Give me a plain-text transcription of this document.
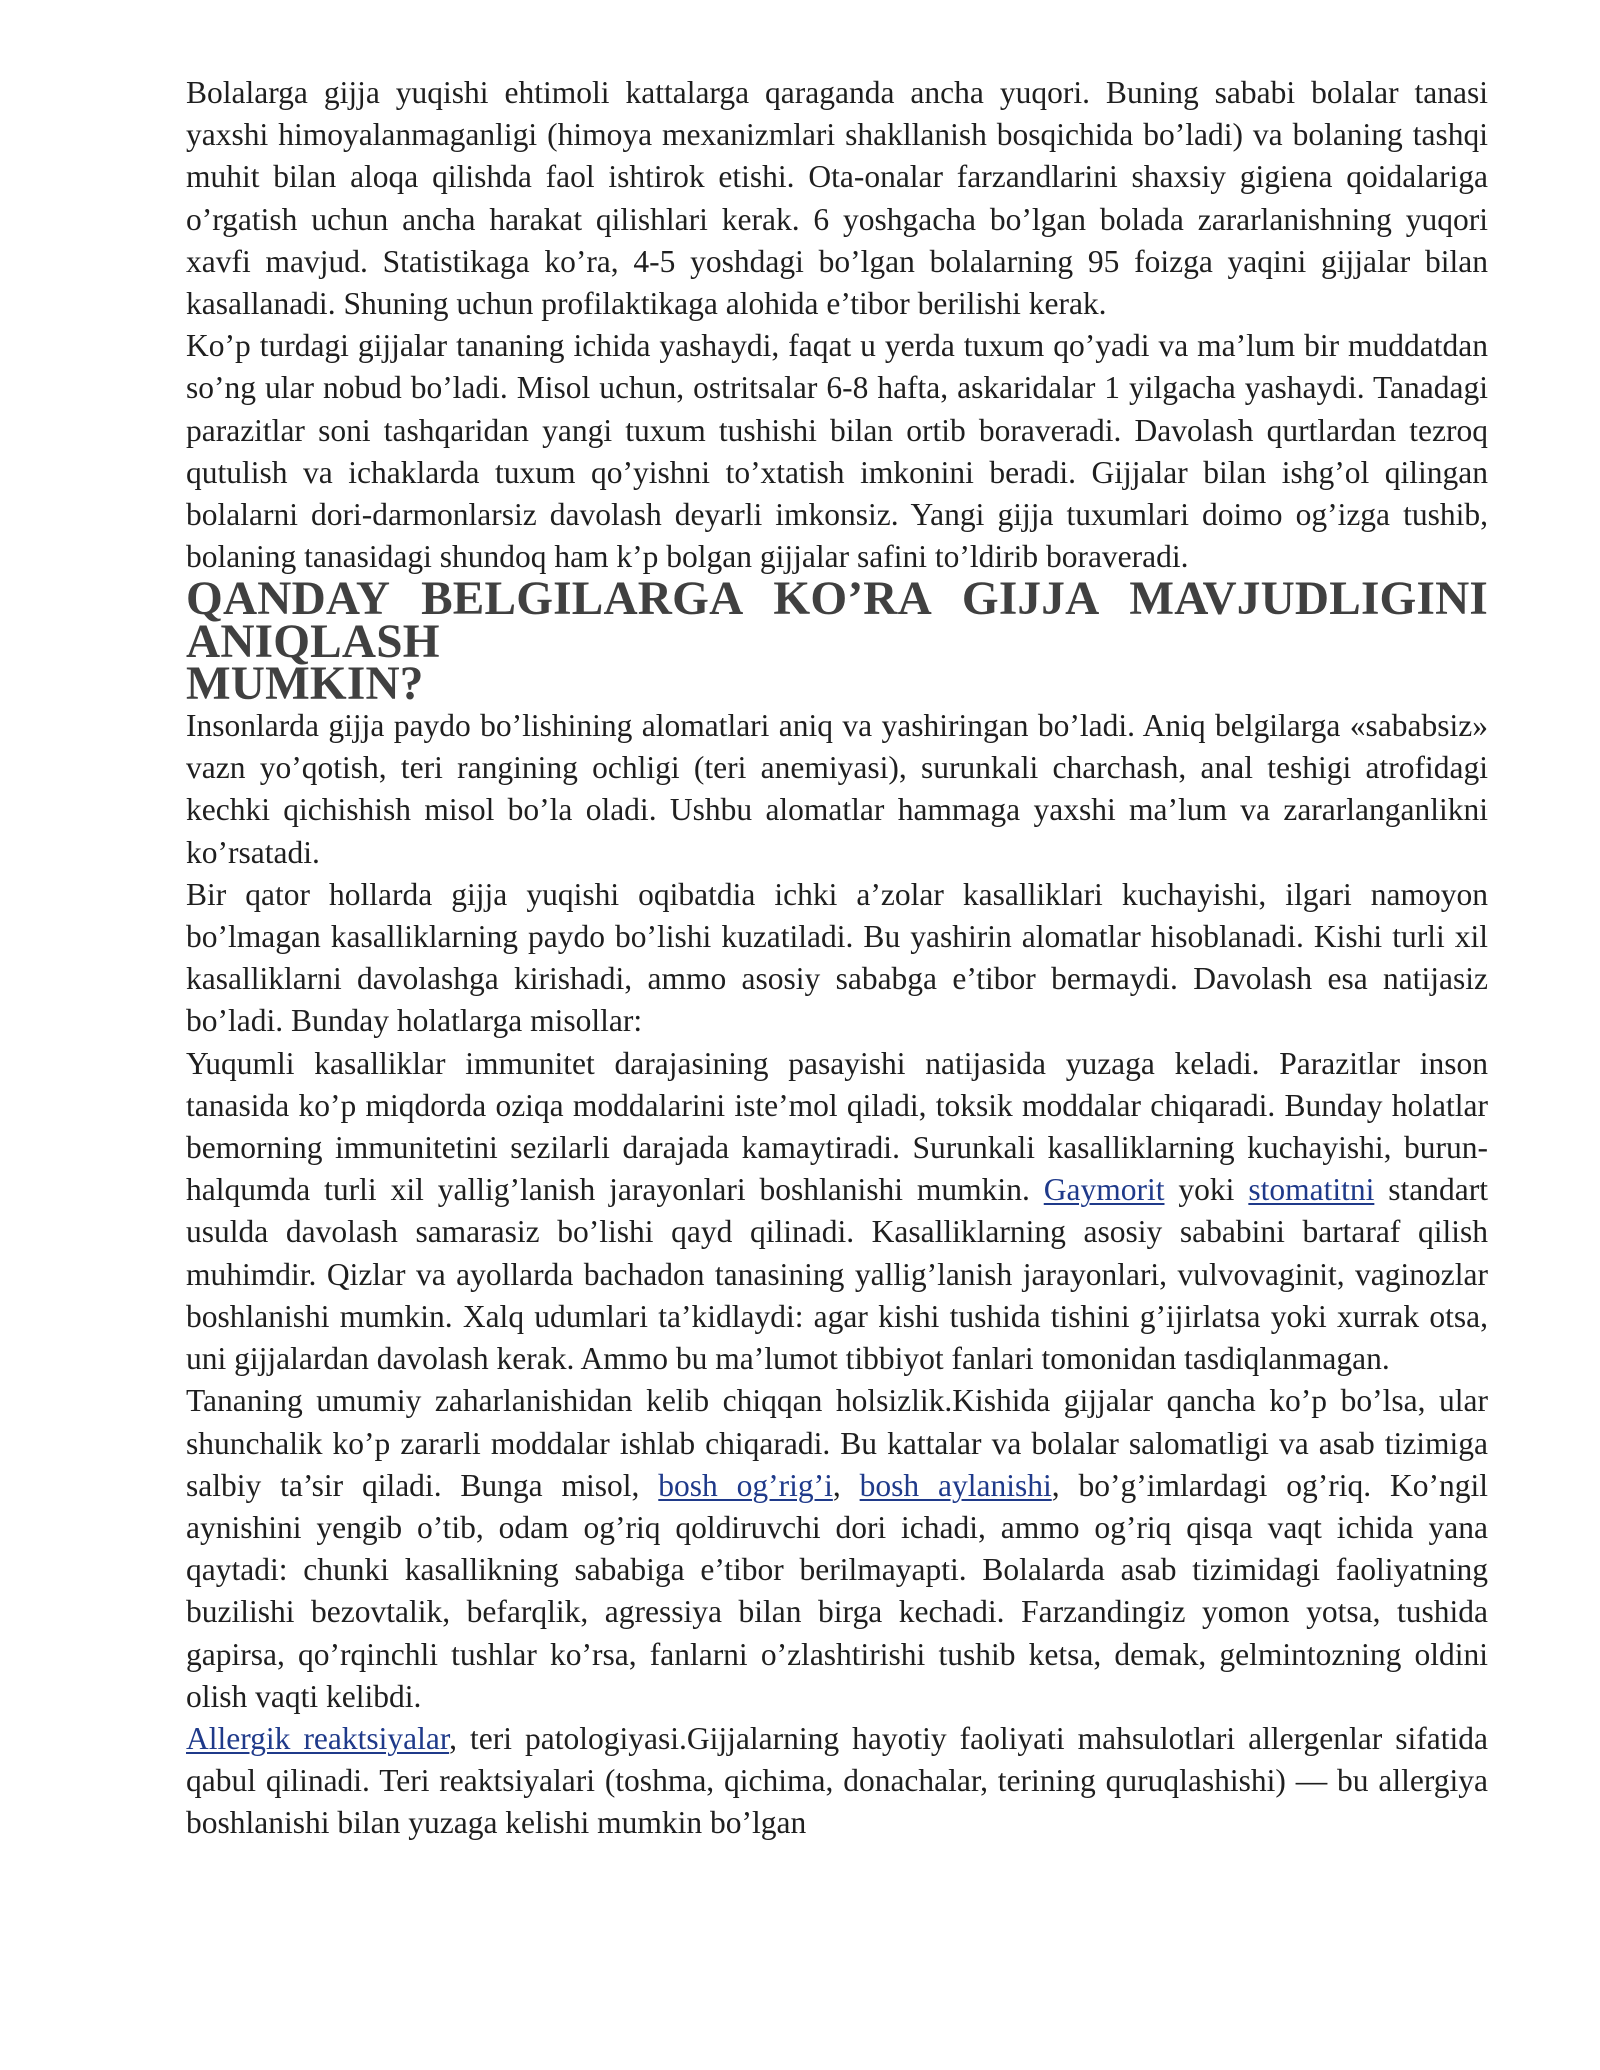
Bolalarga gijja yuqishi ehtimoli kattalarga qaraganda ancha yuqori. Buning sababi bolalar tanasi yaxshi himoyalanmaganligi (himoya mexanizmlari shakllanish bosqichida bo’ladi) va bolaning tashqi muhit bilan aloqa qilishda faol ishtirok etishi. Ota-onalar farzandlarini shaxsiy gigiena qoidalariga o’rgatish uchun ancha harakat qilishlari kerak. 6 yoshgacha bo’lgan bolada zararlanishning yuqori xavfi mavjud. Statistikaga ko’ra, 4-5 yoshdagi bo’lgan bolalarning 95 foizga yaqini gijjalar bilan kasallanadi. Shuning uchun profilaktikaga alohida e’tibor berilishi kerak.

Ko’p turdagi gijjalar tananing ichida yashaydi, faqat u yerda tuxum qo’yadi va ma’lum bir muddatdan so’ng ular nobud bo’ladi. Misol uchun, ostritsalar 6-8 hafta, askaridalar 1 yilgacha yashaydi. Tanadagi parazitlar soni tashqaridan yangi tuxum tushishi bilan ortib boraveradi. Davolash qurtlardan tezroq qutulish va ichaklarda tuxum qo’yishni to’xtatish imkonini beradi. Gijjalar bilan ishg’ol qilingan bolalarni dori-darmonlarsiz davolash deyarli imkonsiz. Yangi gijja tuxumlari doimo og’izga tushib, bolaning tanasidagi shundoq ham k’p bolgan gijjalar safini to’ldirib boraveradi.

QANDAY BELGILARGA KO’RA GIJJA MAVJUDLIGINI ANIQLASH
MUMKIN?

Insonlarda gijja paydo bo’lishining alomatlari aniq va yashiringan bo’ladi. Aniq belgilarga «sababsiz» vazn yo’qotish, teri rangining ochligi (teri anemiyasi), surunkali charchash, anal teshigi atrofidagi kechki qichishish misol bo’la oladi. Ushbu alomatlar hammaga yaxshi ma’lum va zararlanganlikni ko’rsatadi.

Bir qator hollarda gijja yuqishi oqibatdia ichki a’zolar kasalliklari kuchayishi, ilgari namoyon bo’lmagan kasalliklarning paydo bo’lishi kuzatiladi. Bu yashirin alomatlar hisoblanadi. Kishi turli xil kasalliklarni davolashga kirishadi, ammo asosiy sababga e’tibor bermaydi. Davolash esa natijasiz bo’ladi. Bunday holatlarga misollar:

Yuqumli kasalliklar immunitet darajasining pasayishi natijasida yuzaga keladi. Parazitlar inson tanasida ko’p miqdorda oziqa moddalarini iste’mol qiladi, toksik moddalar chiqaradi. Bunday holatlar bemorning immunitetini sezilarli darajada kamaytiradi. Surunkali kasalliklarning kuchayishi, burun-halqumda turli xil yallig’lanish jarayonlari boshlanishi mumkin. Gaymorit yoki stomatitni standart usulda davolash samarasiz bo’lishi qayd qilinadi. Kasalliklarning asosiy sababini bartaraf qilish muhimdir. Qizlar va ayollarda bachadon tanasining yallig’lanish jarayonlari, vulvovaginit, vaginozlar boshlanishi mumkin. Xalq udumlari ta’kidlaydi: agar kishi tushida tishini g’ijirlatsa yoki xurrak otsa, uni gijjalardan davolash kerak. Ammo bu ma’lumot tibbiyot fanlari tomonidan tasdiqlanmagan.

Tananing umumiy zaharlanishidan kelib chiqqan holsizlik.Kishida gijjalar qancha ko’p bo’lsa, ular shunchalik ko’p zararli moddalar ishlab chiqaradi. Bu kattalar va bolalar salomatligi va asab tizimiga salbiy ta’sir qiladi. Bunga misol, bosh og’rig’i, bosh aylanishi, bo’g’imlardagi og’riq. Ko’ngil aynishini yengib o’tib, odam og’riq qoldiruvchi dori ichadi, ammo og’riq qisqa vaqt ichida yana qaytadi: chunki kasallikning sababiga e’tibor berilmayapti. Bolalarda asab tizimidagi faoliyatning buzilishi bezovtalik, befarqlik, agressiya bilan birga kechadi. Farzandingiz yomon yotsa, tushida gapirsa, qo’rqinchli tushlar ko’rsa, fanlarni o’zlashtirishi tushib ketsa, demak, gelmintozning oldini olish vaqti kelibdi.

Allergik reaktsiyalar, teri patologiyasi.Gijjalarning hayotiy faoliyati mahsulotlari allergenlar sifatida qabul qilinadi. Teri reaktsiyalari (toshma, qichima, donachalar, terining quruqlashishi) — bu allergiya boshlanishi bilan yuzaga kelishi mumkin bo’lgan
